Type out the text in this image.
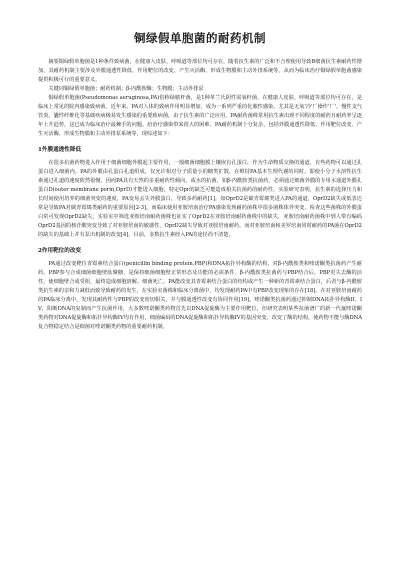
铜绿假单胞菌的耐药机制

摘要铜绿假单胞菌是1种条件致病菌，在健康人皮肤、呼吸道等部位均可存在，随着抗生素的广泛和不合理使用导致B细菌抗生素耐药性增加，其耐药机制主要涉及外膜通透性降低、作用靶位的改变、产生灭活酶、形成生物膜和主动外排系统等。从而为临床治疗铜绿假单胞菌感染提供积极可行的重要意义。

关键词铜绿假单胞菌；耐药机制；β-内酰胺酶；生物膜；主动外排泵

铜绿假单胞菌(Pseudomonas aeruginosa,PA)俗称绿脓杆菌，是1种革兰氏阴性需氧杆菌，在健康人皮肤、呼吸道等部位均可存在，是临床上常见的院内感染致病菌。近年来，PA对人体的致病作用明显增加，成为一系列严重的化脓性感染。尤其是无氧'冷'厂操作'厂'，慢性支气管炎、囊性纤维化等基础疾病极易发生感染的重要致病菌，由于抗生素的广泛应用，PA耐药菌株常用抗生素出现不同程度的耐药且耐药率呈逐年上升趋势，这已成为临床治疗最棘手的问题。给治疗感染带来很大的困难，PA耐药机制十分复杂，包括外膜通透性降低、作用靶位改变、产生灭活酶、形成生物膜和主动外排泵系统等，现综述如下：

1外膜通透性降低

在很多抗菌药物进入作用于细菌细胞外膜起主要作用，一般细菌细胞膜上镶嵌有孔蛋白，作为生命物质交换的通道，有些药物可以通过孔蛋白进入细菌内。PA的外膜由孔蛋白孔道组成，仅允许相对分子质量小的糖类扩散，在维持PA基本生理代谢的同时，即使小分子水溶性抗生素通过孔道的速度依然很慢，因而PA具有天然的多重耐药性倾向，或水的抗菌，如β-内酰胺类抗菌药，必须通过细菌外膜的专用水通道外膜孔蛋白D(outer membrane porin,OprD)才能进入细胞，特定Opr的缺乏可能造成相关抗菌药的耐药性，实验研究表明，抗生素的选择压力和长时间使用培养的细菌突变的速度，PA变易丢失外膜蛋白，导致多药耐药[1]。如OprD2是碳青霉烯类进入PA的通道，OprD2缺失或低表达常是导致PA对碳青霉烯类耐药的重要原因[2-3]。而临床使用亚胺培南治疗PA感染发现耐药菌株中很多菌株体外突变、检查这些菌株的外膜蛋白常可发现OprD2缺失，实验室中筛选亚胺培南耐药菌株也证实了OprD2在亚胺培南耐药菌株中的缺失，亚胺培南耐药菌株中到人带有编码OprD2基因的核苷酸突变导致了对亚胺培南的敏感性，OprD2缺失导致对亚胺培南耐药，而对亚胺培南和美罗培南同时耐药的PA菌在OprD2的缺失的基础上并有泵出机制的改变[4]。目前，多数抗生素经入PA的途径尚不清楚。

2作用靶位的改变

PA通过改变靶位青霉素结合蛋白(penicillin binding protein,PBP)和DNA拓扑异构酶的结构，对β-内酰胺类和喹诺酮类抗菌药产生耐药。PBP参与合成细菌细胞壁肽聚糖，是保持细菌细胞壁正常形态及功能的必需条件，β-内酰胺类抗菌药与PBP结合后，PBP更失去酶的活性，使细胞壁合成受阻，最终造成细胞溶解。细菌死亡。PA能改变其青霉素结合蛋白的结构或产生一种新的青霉素结合蛋白，后者与β-内酰胺类抗生素的亲和力减低而致导致耐药的发生，在实验室菌株和临床分离菌中，均发现耐药PA中有PBP改变现象的存在[18]，在对亚胺培南耐药的PA临床分离中，发现其耐药性与PBP的改变密切相关，并与膜通透性改变有协同作用[19]。喹诺酮类抗菌药通过抑制DNA拓扑异构酶II、IV，阻断DNA的复制而产生抗菌作用，大多数喹诺酮类药物首先以DNA促旋酶为主要作用靶位，但研究表明某些抗菌谱广的新一代氟喹诺酮类药物对DNA促旋酶和拓扑异构酶IV均有作用，细菌编码的DNA促旋酶和拓扑异构酶IV的基因突变，改变了酶的结构，使药物不能与酶DNA复合物稳定结合是细菌对喹诺酮类药物的重要耐药机制。
